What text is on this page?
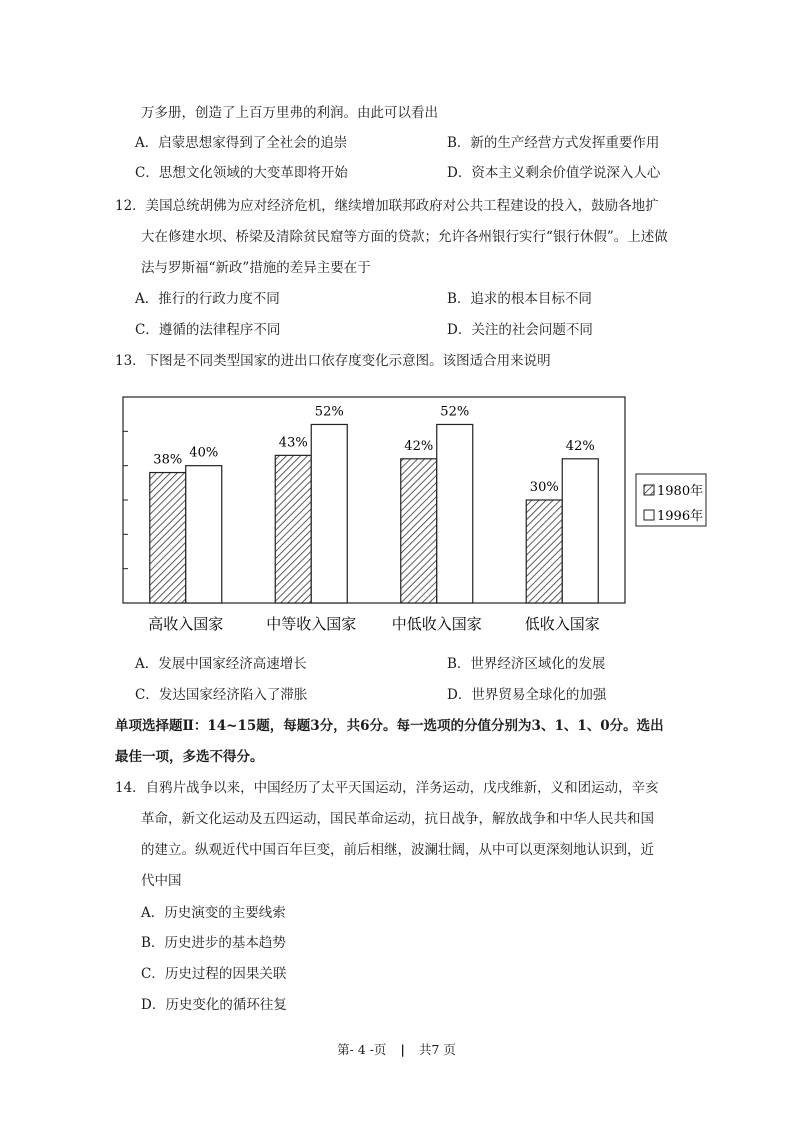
万多册，创造了上百万里弗的利润。由此可以看出
A．启蒙思想家得到了全社会的追崇	B．新的生产经营方式发挥重要作用
C．思想文化领域的大变革即将开始	D．资本主义剩余价值学说深入人心
12．美国总统胡佛为应对经济危机，继续增加联邦政府对公共工程建设的投入，鼓励各地扩
大在修建水坝、桥梁及清除贫民窟等方面的贷款；允许各州银行实行“银行休假”。上述做
法与罗斯福“新政”措施的差异主要在于
A．推行的行政力度不同	B．追求的根本目标不同
C．遵循的法律程序不同	D．关注的社会问题不同
13．下图是不同类型国家的进出口依存度变化示意图。该图适合用来说明
38% 40%
43%
52%
42%
52%
30%
42%
高收入国家	中等收入国家 中低收入国家	低收入国家
1980年
1996年
A．发展中国家经济高速增长	B．世界经济区域化的发展
C．发达国家经济陷入了滞胀	D．世界贸易全球化的加强
单项选择题Ⅱ：14~15题，每题3分，共6分。每一选项的分值分别为3、1、1、0分。选出
最佳一项，多选不得分。
14．自鸦片战争以来，中国经历了太平天国运动，洋务运动，戊戌维新，义和团运动，辛亥
革命，新文化运动及五四运动，国民革命运动，抗日战争，解放战争和中华人民共和国
的建立。纵观近代中国百年巨变，前后相继，波澜壮阔，从中可以更深刻地认识到，近
代中国
A．历史演变的主要线索
B．历史进步的基本趋势
C．历史过程的因果关联
D．历史变化的循环往复
第- 4 -页 | 共7 页
